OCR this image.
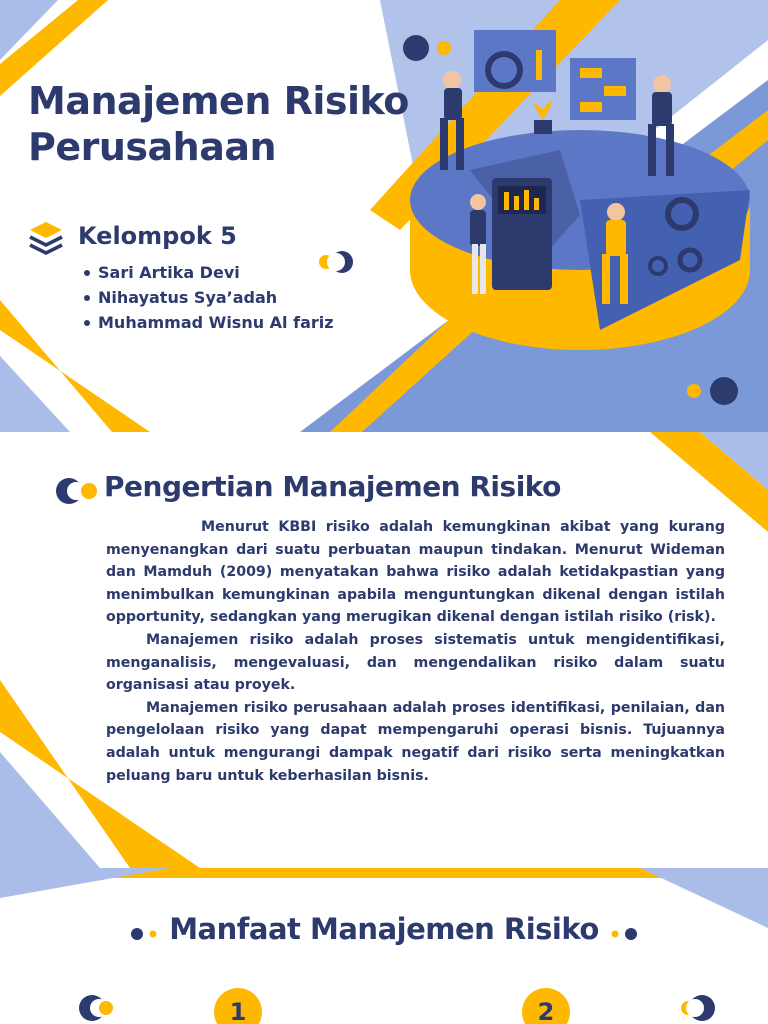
Manajemen Risiko
Perusahaan
Kelompok 5
Sari Artika Devi
Nihayatus Sya’adah
Muhammad Wisnu Al fariz
Pengertian Manajemen Risiko

Menurut KBBI risiko adalah kemungkinan akibat yang kurang menyenangkan dari suatu perbuatan maupun tindakan. Menurut Wideman dan Mamduh (2009) menyatakan bahwa risiko adalah ketidakpastian yang menimbulkan kemungkinan apabila menguntungkan dikenal dengan istilah opportunity, sedangkan yang merugikan dikenal dengan istilah risiko (risk).

Manajemen risiko adalah proses sistematis untuk mengidentifikasi, menganalisis, mengevaluasi, dan mengendalikan risiko dalam suatu organisasi atau proyek.

Manajemen risiko perusahaan adalah proses identifikasi, penilaian, dan pengelolaan risiko yang dapat mempengaruhi operasi bisnis. Tujuannya adalah untuk mengurangi dampak negatif dari risiko serta meningkatkan peluang baru untuk keberhasilan bisnis.

Manfaat Manajemen Risiko
1	2
